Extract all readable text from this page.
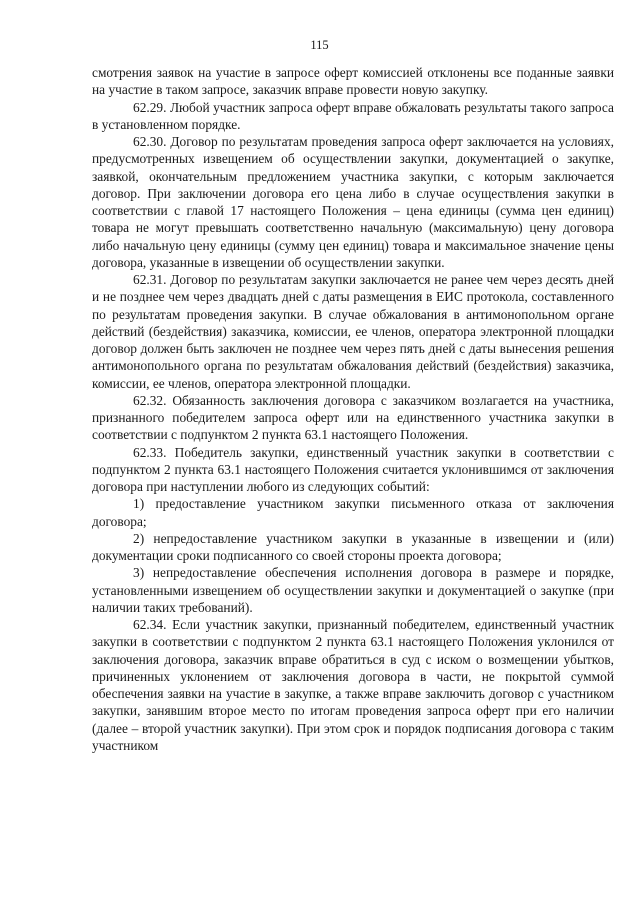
115

смотрения заявок на участие в запросе оферт комиссией отклонены все поданные заявки на участие в таком запросе, заказчик вправе провести новую закупку.

62.29. Любой участник запроса оферт вправе обжаловать результаты такого запроса в установленном порядке.

62.30. Договор по результатам проведения запроса оферт заключается на условиях, предусмотренных извещением об осуществлении закупки, документацией о закупке, заявкой, окончательным предложением участника закупки, с которым заключается договор. При заключении договора его цена либо в случае осуществления закупки в соответствии с главой 17 настоящего Положения – цена единицы (сумма цен единиц) товара не могут превышать соответственно начальную (максимальную) цену договора либо начальную цену единицы (сумму цен единиц) товара и максимальное значение цены договора, указанные в извещении об осуществлении закупки.

62.31. Договор по результатам закупки заключается не ранее чем через десять дней и не позднее чем через двадцать дней с даты размещения в ЕИС протокола, составленного по результатам проведения закупки. В случае обжалования в антимонопольном органе действий (бездействия) заказчика, комиссии, ее членов, оператора электронной площадки договор должен быть заключен не позднее чем через пять дней с даты вынесения решения антимонопольного органа по результатам обжалования действий (бездействия) заказчика, комиссии, ее членов, оператора электронной площадки.

62.32. Обязанность заключения договора с заказчиком возлагается на участника, признанного победителем запроса оферт или на единственного участника закупки в соответствии с подпунктом 2 пункта 63.1 настоящего Положения.

62.33. Победитель закупки, единственный участник закупки в соответствии с подпунктом 2 пункта 63.1 настоящего Положения считается уклонившимся от заключения договора при наступлении любого из следующих событий:

1) предоставление участником закупки письменного отказа от заключения договора;

2) непредоставление участником закупки в указанные в извещении и (или) документации сроки подписанного со своей стороны проекта договора;

3) непредоставление обеспечения исполнения договора в размере и порядке, установленными извещением об осуществлении закупки и документацией о закупке (при наличии таких требований).

62.34. Если участник закупки, признанный победителем, единственный участник закупки в соответствии с подпунктом 2 пункта 63.1 настоящего Положения уклонился от заключения договора, заказчик вправе обратиться в суд с иском о возмещении убытков, причиненных уклонением от заключения договора в части, не покрытой суммой обеспечения заявки на участие в закупке, а также вправе заключить договор с участником закупки, занявшим второе место по итогам проведения запроса оферт при его наличии (далее – второй участник закупки). При этом срок и порядок подписания договора с таким участником
